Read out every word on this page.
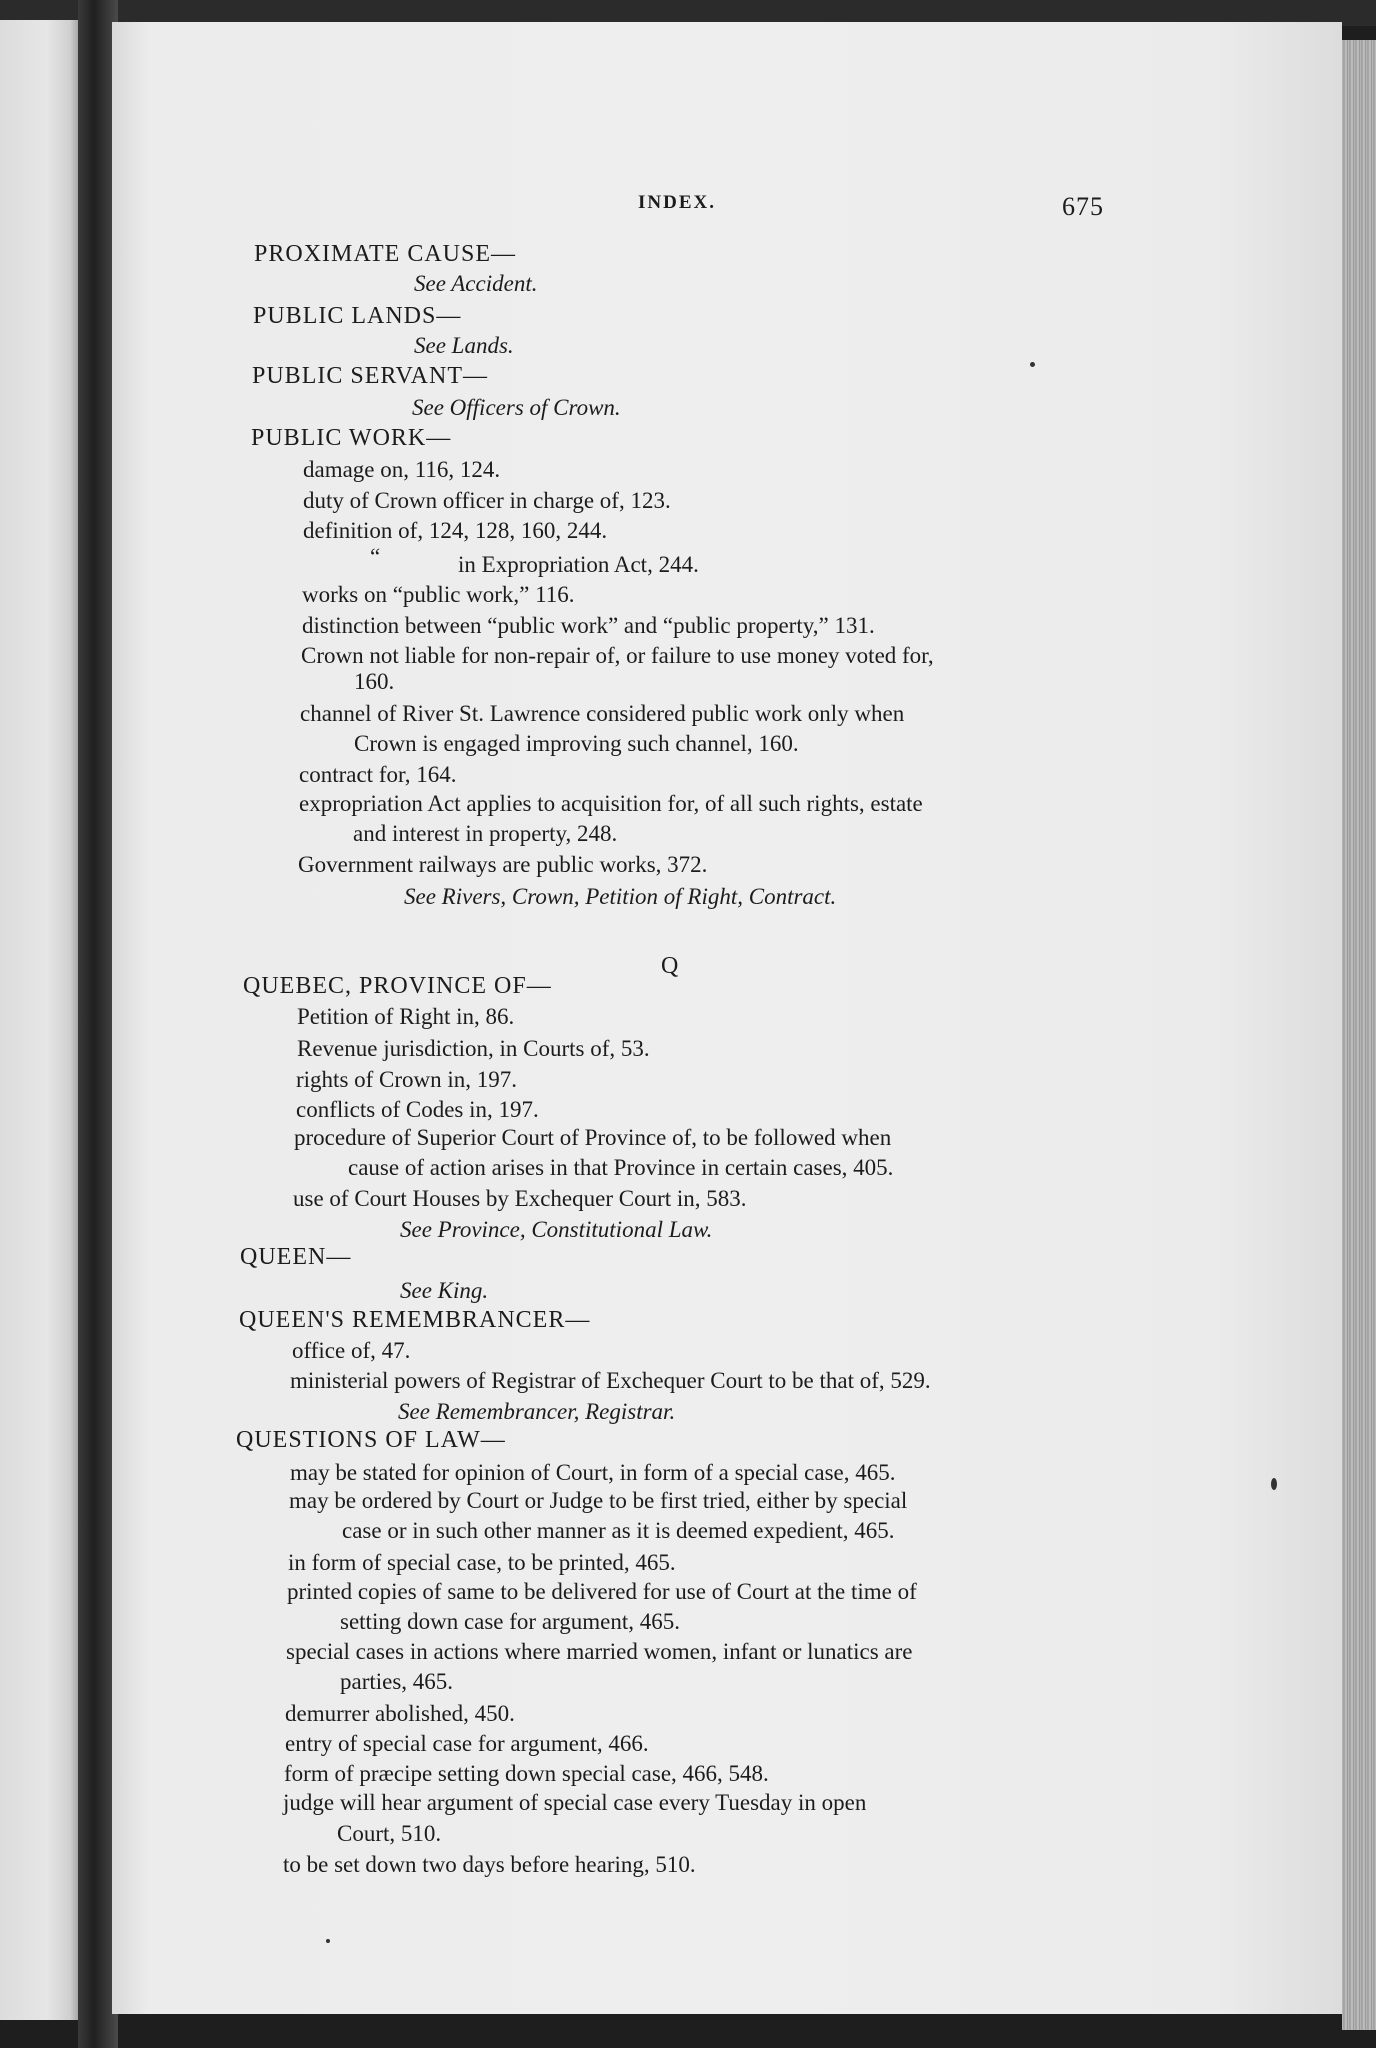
INDEX.	675
PROXIMATE CAUSE—
See Accident.
PUBLIC LANDS—
See Lands.
PUBLIC SERVANT—
See Officers of Crown.
PUBLIC WORK—
damage on, 116, 124.
duty of Crown officer in charge of, 123.
definition of, 124, 128, 160, 244.
“	in Expropriation Act, 244.
works on “public work,” 116.
distinction between “public work” and “public property,” 131.
Crown not liable for non-repair of, or failure to use money voted for,
160.
channel of River St. Lawrence considered public work only when
Crown is engaged improving such channel, 160.
contract for, 164.
expropriation Act applies to acquisition for, of all such rights, estate
and interest in property, 248.
Government railways are public works, 372.
See Rivers, Crown, Petition of Right, Contract.
Q
QUEBEC, PROVINCE OF—
Petition of Right in, 86.
Revenue jurisdiction, in Courts of, 53.
rights of Crown in, 197.
conflicts of Codes in, 197.
procedure of Superior Court of Province of, to be followed when
cause of action arises in that Province in certain cases, 405.
use of Court Houses by Exchequer Court in, 583.
See Province, Constitutional Law.
QUEEN—
See King.
QUEEN'S REMEMBRANCER—
office of, 47.
ministerial powers of Registrar of Exchequer Court to be that of, 529.
See Remembrancer, Registrar.
QUESTIONS OF LAW—
may be stated for opinion of Court, in form of a special case, 465.
may be ordered by Court or Judge to be first tried, either by special
case or in such other manner as it is deemed expedient, 465.
in form of special case, to be printed, 465.
printed copies of same to be delivered for use of Court at the time of
setting down case for argument, 465.
special cases in actions where married women, infant or lunatics are
parties, 465.
demurrer abolished, 450.
entry of special case for argument, 466.
form of præcipe setting down special case, 466, 548.
judge will hear argument of special case every Tuesday in open
Court, 510.
to be set down two days before hearing, 510.
